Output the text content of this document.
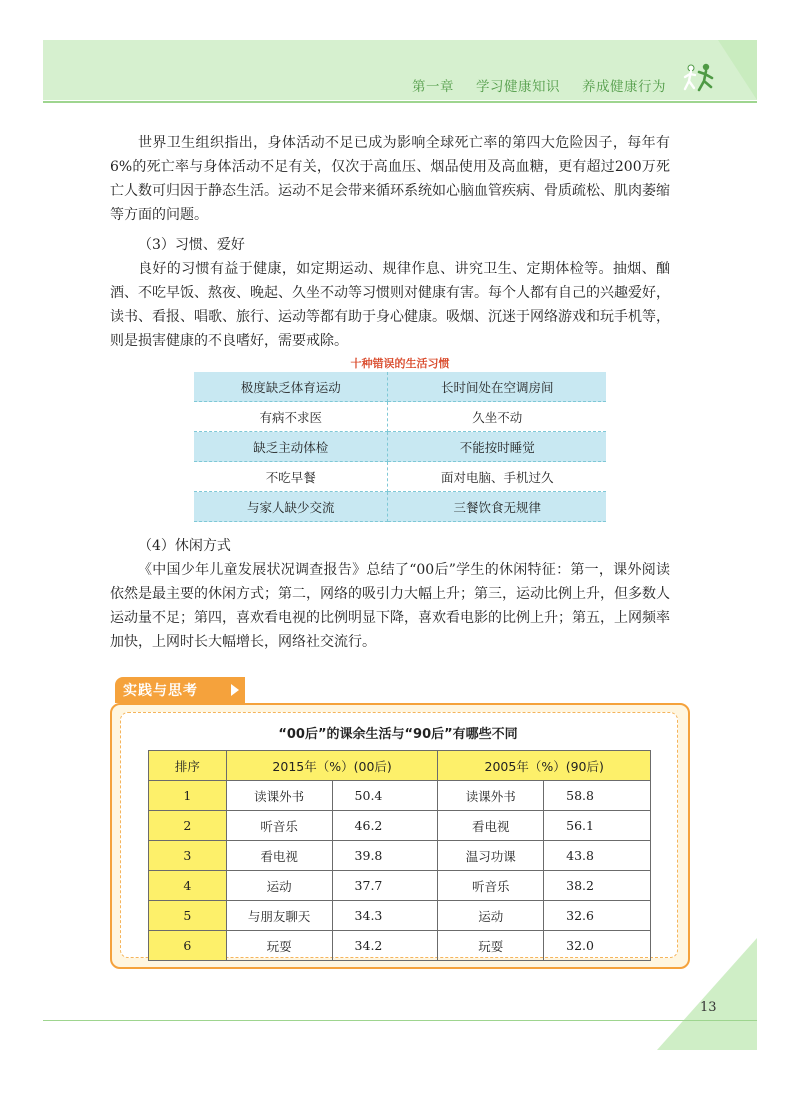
第一章 学习健康知识 养成健康行为

世界卫生组织指出，身体活动不足已成为影响全球死亡率的第四大危险因子，每年有6%的死亡率与身体活动不足有关，仅次于高血压、烟品使用及高血糖，更有超过200万死亡人数可归因于静态生活。运动不足会带来循环系统如心脑血管疾病、骨质疏松、肌肉萎缩等方面的问题。

（3）习惯、爱好

良好的习惯有益于健康，如定期运动、规律作息、讲究卫生、定期体检等。抽烟、酗酒、不吃早饭、熬夜、晚起、久坐不动等习惯则对健康有害。每个人都有自己的兴趣爱好，读书、看报、唱歌、旅行、运动等都有助于身心健康。吸烟、沉迷于网络游戏和玩手机等，则是损害健康的不良嗜好，需要戒除。

十种错误的生活习惯
极度缺乏体育运动	长时间处在空调房间
有病不求医	久坐不动
缺乏主动体检	不能按时睡觉
不吃早餐	面对电脑、手机过久
与家人缺少交流	三餐饮食无规律

（4）休闲方式

《中国少年儿童发展状况调查报告》总结了“00后”学生的休闲特征：第一，课外阅读依然是最主要的休闲方式；第二，网络的吸引力大幅上升；第三，运动比例上升，但多数人运动量不足；第四，喜欢看电视的比例明显下降，喜欢看电影的比例上升；第五，上网频率加快，上网时长大幅增长，网络社交流行。

实践与思考
“00后”的课余生活与“90后”有哪些不同
排序	2015年（%）(00后)		2005年（%）(90后)	
1	读课外书	50.4	读课外书	58.8
2	听音乐	46.2	看电视	56.1
3	看电视	39.8	温习功课	43.8
4	运动	37.7	听音乐	38.2
5	与朋友聊天	34.3	运动	32.6
6	玩耍	34.2	玩耍	32.0
13
